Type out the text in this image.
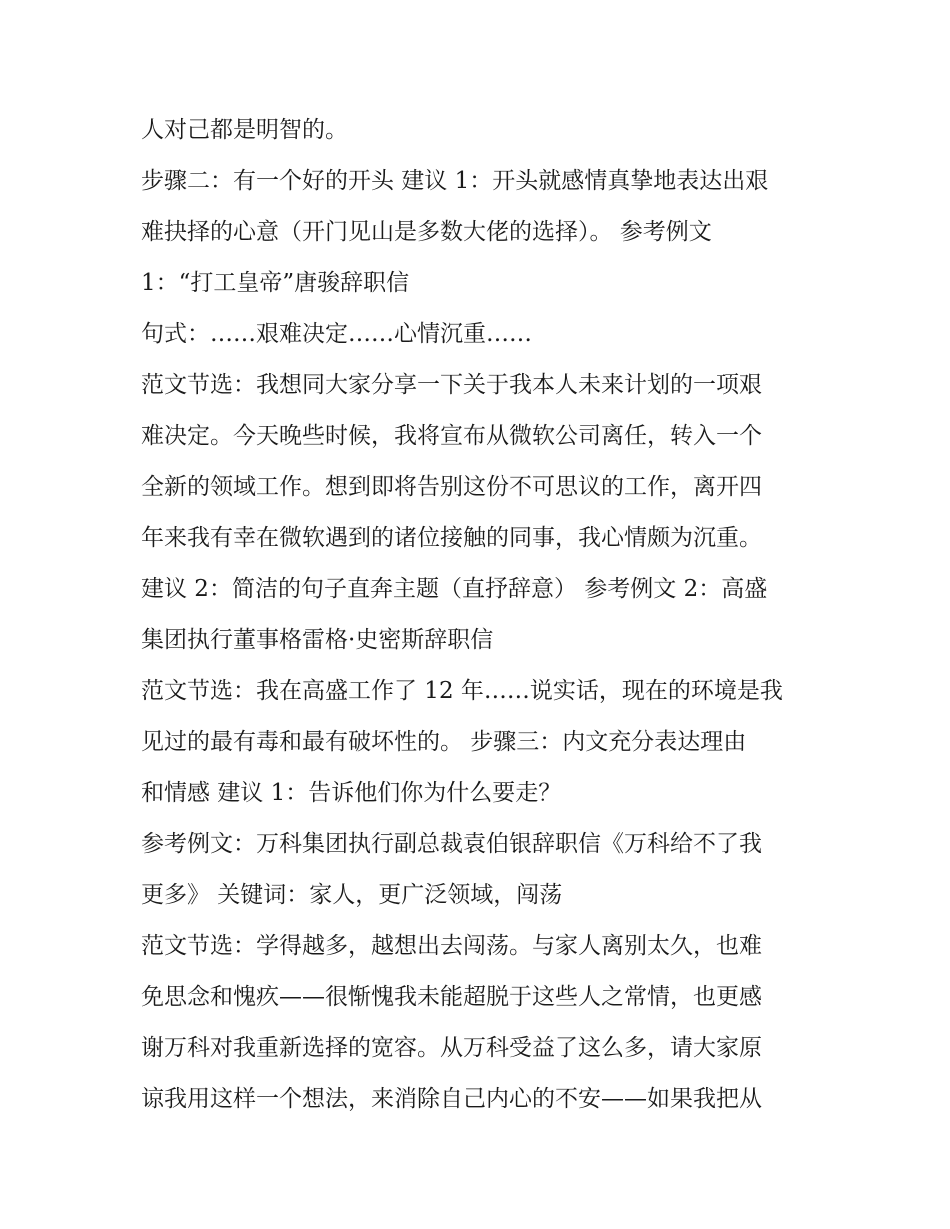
人对己都是明智的。
步骤二：有一个好的开头 建议 1：开头就感情真挚地表达出艰
难抉择的心意（开门见山是多数大佬的选择）。 参考例文
1：“打工皇帝”唐骏辞职信
句式：……艰难决定……心情沉重……
范文节选：我想同大家分享一下关于我本人未来计划的一项艰
难决定。今天晚些时候，我将宣布从微软公司离任，转入一个
全新的领域工作。想到即将告别这份不可思议的工作，离开四
年来我有幸在微软遇到的诸位接触的同事，我心情颇为沉重。
建议 2：简洁的句子直奔主题（直抒辞意） 参考例文 2：高盛
集团执行董事格雷格·史密斯辞职信
范文节选：我在高盛工作了 12 年……说实话，现在的环境是我
见过的最有毒和最有破坏性的。 步骤三：内文充分表达理由
和情感 建议 1：告诉他们你为什么要走？
参考例文：万科集团执行副总裁袁伯银辞职信《万科给不了我
更多》 关键词：家人，更广泛领域，闯荡
范文节选：学得越多，越想出去闯荡。与家人离别太久，也难
免思念和愧疚——很惭愧我未能超脱于这些人之常情，也更感
谢万科对我重新选择的宽容。从万科受益了这么多，请大家原
谅我用这样一个想法，来消除自己内心的不安——如果我把从
